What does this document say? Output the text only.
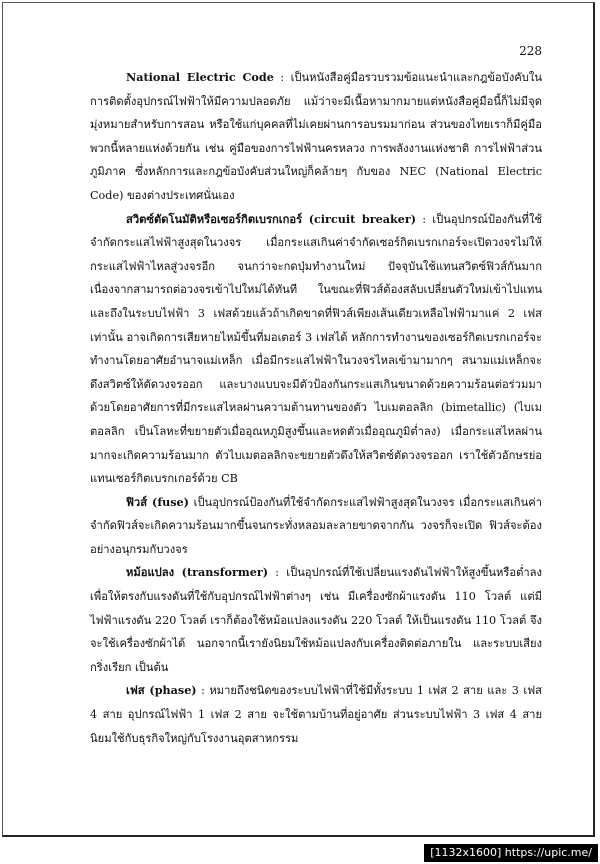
228

National Electric Code : เป็นหนังสือคู่มือรวบรวมข้อแนะนำและกฎข้อบังคับในการติดตั้งอุปกรณ์ไฟฟ้าให้มีความปลอดภัย แม้ว่าจะมีเนื้อหามากมายแต่หนังสือคู่มือนี้ก็ไม่มีจุดมุ่งหมายสำหรับการสอน หรือใช้แก่บุคคลที่ไม่เคยผ่านการอบรมมาก่อน ส่วนของไทยเราก็มีคู่มือพวกนี้หลายแห่งด้วยกัน เช่น คู่มือของการไฟฟ้านครหลวง การพลังงานแห่งชาติ การไฟฟ้าส่วนภูมิภาค ซึ่งหลักการและกฎข้อบังคับส่วนใหญ่ก็คล้ายๆ กับของ NEC (National Electric Code) ของต่างประเทศนั่นเอง

สวิตซ์ตัดโนมัติหรือเซอร์กิตเบรกเกอร์ (circuit breaker) : เป็นอุปกรณ์ป้องกันที่ใช้จำกัดกระแสไฟฟ้าสูงสุดในวงจร เมื่อกระแสเกินค่าจำกัดเซอร์กิตเบรกเกอร์จะเปิดวงจรไม่ให้กระแสไฟฟ้าไหลสู่วงจรอีก จนกว่าจะกดปุ่มทำงานใหม่ ปัจจุบันใช้แทนสวิตซ์ฟิวส์กันมาก เนื่องจากสามารถต่อวงจรเข้าไปใหม่ได้ทันที ในขณะที่ฟิวส์ต้องสลับเปลี่ยนตัวใหม่เข้าไปแทน และถึงในระบบไฟฟ้า 3 เฟสด้วยแล้วถ้าเกิดขาดที่ฟิวส์เพียงเส้นเดียวเหลือไฟฟ้ามาแค่ 2 เฟสเท่านั้น อาจเกิดการเสียหายไหม้ขึ้นที่มอเตอร์ 3 เฟสได้ หลักการทำงานของเซอร์กิตเบรกเกอร์จะทำงานโดยอาศัยอำนาจแม่เหล็ก เมื่อมีกระแสไฟฟ้าในวงจรไหลเข้ามามากๆ สนามแม่เหล็กจะดึงสวิตซ์ให้ตัดวงจรออก และบางแบบจะมีตัวป้องกันกระแสเกินขนาดด้วยความร้อนต่อร่วมมาด้วยโดยอาศัยการที่มีกระแสไหลผ่านความต้านทานของตัว ไบเมตอลลิก (bimetallic) (ไบเมตอลลิก เป็นโลหะที่ขยายตัวเมื่ออุณหภูมิสูงขึ้นและหดตัวเมื่ออุณภูมิต่ำลง) เมื่อกระแสไหลผ่านมากจะเกิดความร้อนมาก ตัวไบเมตอลลิกจะขยายตัวดึงให้สวิตซ์ตัดวงจรออก เราใช้ตัวอักษรย่อแทนเซอร์กิตเบรกเกอร์ด้วย CB

ฟิวส์ (fuse) เป็นอุปกรณ์ป้องกันที่ใช้จำกัดกระแสไฟฟ้าสูงสุดในวงจร เมื่อกระแสเกินค่าจำกัดฟิวส์จะเกิดความร้อนมากขึ้นจนกระทั่งหลอมละลายขาดจากกัน วงจรก็จะเปิด ฟิวส์จะต้องอย่างอนุกรมกับวงจร

หม้อแปลง (transformer) : เป็นอุปกรณ์ที่ใช้เปลี่ยนแรงดันไฟฟ้าให้สูงขึ้นหรือต่ำลง เพื่อให้ตรงกับแรงดันที่ใช้กับอุปกรณ์ไฟฟ้าต่างๆ เช่น มีเครื่องซักผ้าแรงดัน 110 โวลต์ แต่มีไฟฟ้าแรงดัน 220 โวลต์ เราก็ต้องใช้หม้อแปลงแรงดัน 220 โวลต์ ให้เป็นแรงดัน 110 โวลต์ จึงจะใช้เครื่องซักผ้าได้ นอกจากนี้เรายังนิยมใช้หม้อแปลงกับเครื่องติดต่อภายใน และระบบเสียงกริ่งเรียก เป็นต้น

เฟส (phase) : หมายถึงชนิดของระบบไฟฟ้าที่ใช้มีทั้งระบบ 1 เฟส 2 สาย และ 3 เฟส 4 สาย อุปกรณ์ไฟฟ้า 1 เฟส 2 สาย จะใช้ตามบ้านที่อยู่อาศัย ส่วนระบบไฟฟ้า 3 เฟส 4 สาย นิยมใช้กับธุรกิจใหญ่กับโรงงานอุตสาหกรรม

[1132x1600] https://upic.me/
